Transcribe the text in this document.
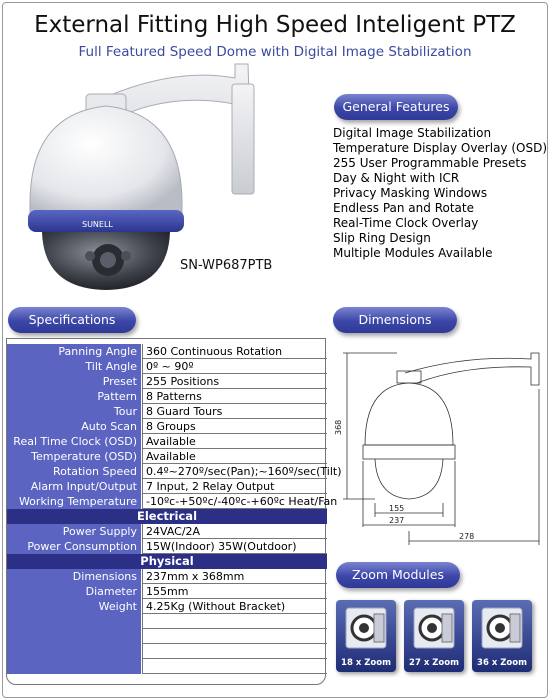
External Fitting High Speed Inteligent PTZ
Full Featured Speed Dome with Digital Image Stabilization
SUNELL
SN-WP687PTB
General Features
Digital Image Stabilization
Temperature Display Overlay (OSD)
255 User Programmable Presets
Day & Night with ICR
Privacy Masking Windows
Endless Pan and Rotate
Real-Time Clock Overlay
Slip Ring Design
Multiple Modules Available
Specifications
Panning Angle 360 Continuous Rotation
Tilt Angle 0º ~ 90º
Preset 255 Positions
Pattern 8 Patterns
Tour 8 Guard Tours
Auto Scan 8 Groups
Real Time Clock (OSD) Available
Temperature (OSD) Available
Rotation Speed 0.4º~270º/sec(Pan);~160º/sec(Tilt)
Alarm Input/Output 7 Input, 2 Relay Output
Working Temperature -10ºc-+50ºc/-40ºc-+60ºc Heat/Fan
Electrical
Power Supply 24VAC/2A
Power Consumption 15W(Indoor) 35W(Outdoor)
Physical
Dimensions 237mm x 368mm
Diameter 155mm
Weight 4.25Kg (Without Bracket)
Dimensions
368
155
237
278
Zoom Modules
18 x Zoom	27 x Zoom	36 x Zoom
